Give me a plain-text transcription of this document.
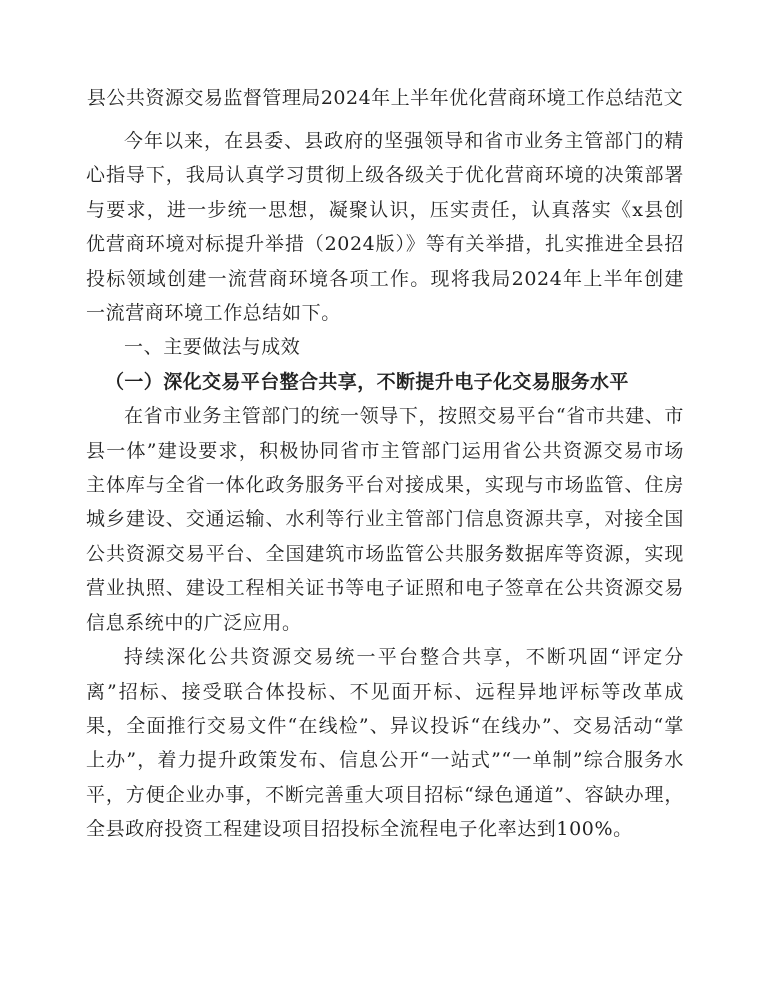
县公共资源交易监督管理局2024年上半年优化营商环境工作总结范文

今年以来，在县委、县政府的坚强领导和省市业务主管部门的精心指导下，我局认真学习贯彻上级各级关于优化营商环境的决策部署与要求，进一步统一思想，凝聚认识，压实责任，认真落实《x县创优营商环境对标提升举措（2024版）》等有关举措，扎实推进全县招投标领域创建一流营商环境各项工作。现将我局2024年上半年创建一流营商环境工作总结如下。

一、主要做法与成效

（一）深化交易平台整合共享，不断提升电子化交易服务水平

在省市业务主管部门的统一领导下，按照交易平台“省市共建、市县一体”建设要求，积极协同省市主管部门运用省公共资源交易市场主体库与全省一体化政务服务平台对接成果，实现与市场监管、住房城乡建设、交通运输、水利等行业主管部门信息资源共享，对接全国公共资源交易平台、全国建筑市场监管公共服务数据库等资源，实现营业执照、建设工程相关证书等电子证照和电子签章在公共资源交易信息系统中的广泛应用。

持续深化公共资源交易统一平台整合共享，不断巩固“评定分离”招标、接受联合体投标、不见面开标、远程异地评标等改革成果，全面推行交易文件“在线检”、异议投诉“在线办”、交易活动“掌上办”，着力提升政策发布、信息公开“一站式”“一单制”综合服务水平，方便企业办事，不断完善重大项目招标“绿色通道”、容缺办理，全县政府投资工程建设项目招投标全流程电子化率达到100%。
